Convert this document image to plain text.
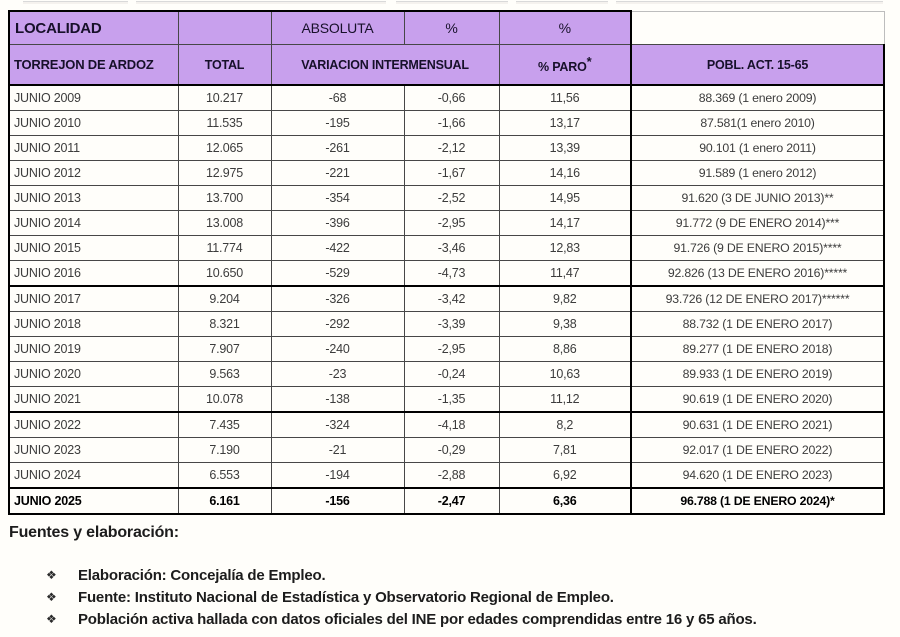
LOCALIDAD		ABSOLUTA	%	%	
TORREJON DE ARDOZ	TOTAL	VARIACION INTERMENSUAL		% PARO*	POBL. ACT. 15-65
JUNIO 2009	10.217	-68	-0,66	11,56	88.369 (1 enero 2009)
JUNIO 2010	11.535	-195	-1,66	13,17	87.581(1 enero 2010)
JUNIO 2011	12.065	-261	-2,12	13,39	90.101 (1 enero 2011)
JUNIO 2012	12.975	-221	-1,67	14,16	91.589 (1 enero 2012)
JUNIO 2013	13.700	-354	-2,52	14,95	91.620 (3 DE JUNIO 2013)**
JUNIO 2014	13.008	-396	-2,95	14,17	91.772 (9 DE ENERO 2014)***
JUNIO 2015	11.774	-422	-3,46	12,83	91.726 (9 DE ENERO 2015)****
JUNIO 2016	10.650	-529	-4,73	11,47	92.826 (13 DE ENERO 2016)*****
JUNIO 2017	9.204	-326	-3,42	9,82	93.726 (12 DE ENERO 2017)******
JUNIO 2018	8.321	-292	-3,39	9,38	88.732 (1 DE ENERO 2017)
JUNIO 2019	7.907	-240	-2,95	8,86	89.277 (1 DE ENERO 2018)
JUNIO 2020	9.563	-23	-0,24	10,63	89.933 (1 DE ENERO 2019)
JUNIO 2021	10.078	-138	-1,35	11,12	90.619 (1 DE ENERO 2020)
JUNIO 2022	7.435	-324	-4,18	8,2	90.631 (1 DE ENERO 2021)
JUNIO 2023	7.190	-21	-0,29	7,81	92.017 (1 DE ENERO 2022)
JUNIO 2024	6.553	-194	-2,88	6,92	94.620 (1 DE ENERO 2023)
JUNIO 2025	6.161	-156	-2,47	6,36	96.788 (1 DE ENERO 2024)*
Fuentes y elaboración:
❖	Elaboración: Concejalía de Empleo.
❖	Fuente: Instituto Nacional de Estadística y Observatorio Regional de Empleo.
❖	Población activa hallada con datos oficiales del INE por edades comprendidas entre 16 y 65 años.
